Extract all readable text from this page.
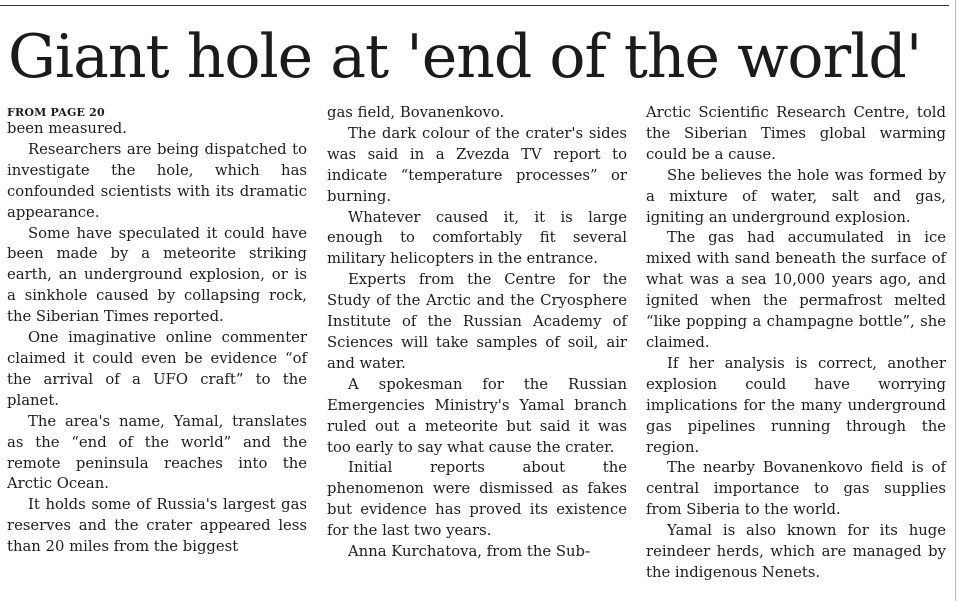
Giant hole at 'end of the world'
FROM PAGE 20

been measured.

Researchers are being dispatched to investigate the hole, which has confounded scientists with its dramatic appearance.

Some have speculated it could have been made by a meteorite striking earth, an underground explosion, or is a sinkhole caused by collapsing rock, the Siberian Times reported.

One imaginative online commenter claimed it could even be evidence “of the arrival of a UFO craft” to the planet.

The area's name, Yamal, translates as the “end of the world” and the remote peninsula reaches into the Arctic Ocean.

It holds some of Russia's largest gas reserves and the crater appeared less than 20 miles from the biggest

gas field, Bovanenkovo.

The dark colour of the crater's sides was said in a Zvezda TV report to indicate “temperature processes” or burning.

Whatever caused it, it is large enough to comfortably fit several military helicopters in the entrance.

Experts from the Centre for the Study of the Arctic and the Cryosphere Institute of the Russian Academy of Sciences will take samples of soil, air and water.

A spokesman for the Russian Emergencies Ministry's Yamal branch ruled out a meteorite but said it was too early to say what cause the crater.

Initial reports about the phenomenon were dismissed as fakes but evidence has proved its existence for the last two years.

Anna Kurchatova, from the Sub-

Arctic Scientific Research Centre, told the Siberian Times global warming could be a cause.

She believes the hole was formed by a mixture of water, salt and gas, igniting an underground explosion.

The gas had accumulated in ice mixed with sand beneath the surface of what was a sea 10,000 years ago, and ignited when the permafrost melted “like popping a champagne bottle”, she claimed.

If her analysis is correct, another explosion could have worrying implications for the many underground gas pipelines running through the region.

The nearby Bovanenkovo field is of central importance to gas supplies from Siberia to the world.

Yamal is also known for its huge reindeer herds, which are managed by the indigenous Nenets.
